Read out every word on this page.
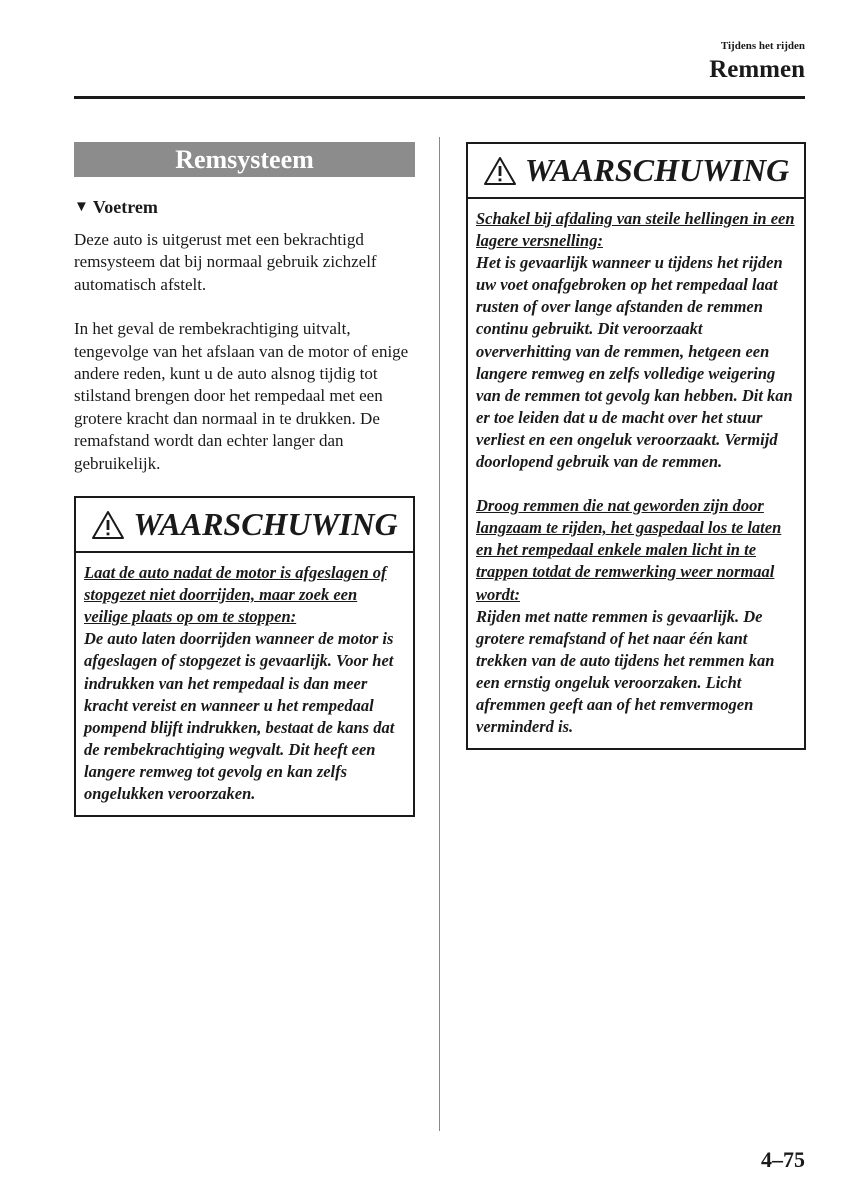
Tijdens het rijden
Remmen
Remsysteem
▼ Voetrem

Deze auto is uitgerust met een bekrachtigd remsysteem dat bij normaal gebruik zichzelf automatisch afstelt.

In het geval de rembekrachtiging uitvalt, tengevolge van het afslaan van de motor of enige andere reden, kunt u de auto alsnog tijdig tot stilstand brengen door het rempedaal met een grotere kracht dan normaal in te drukken. De remafstand wordt dan echter langer dan gebruikelijk.

WAARSCHUWING
Laat de auto nadat de motor is afgeslagen of stopgezet niet doorrijden, maar zoek een veilige plaats op om te stoppen:
De auto laten doorrijden wanneer de motor is afgeslagen of stopgezet is gevaarlijk. Voor het indrukken van het rempedaal is dan meer kracht vereist en wanneer u het rempedaal pompend blijft indrukken, bestaat de kans dat de rembekrachtiging wegvalt. Dit heeft een langere remweg tot gevolg en kan zelfs ongelukken veroorzaken.
WAARSCHUWING
Schakel bij afdaling van steile hellingen in een lagere versnelling:
Het is gevaarlijk wanneer u tijdens het rijden uw voet onafgebroken op het rempedaal laat rusten of over lange afstanden de remmen continu gebruikt. Dit veroorzaakt oververhitting van de remmen, hetgeen een langere remweg en zelfs volledige weigering van de remmen tot gevolg kan hebben. Dit kan er toe leiden dat u de macht over het stuur verliest en een ongeluk veroorzaakt. Vermijd doorlopend gebruik van de remmen.
Droog remmen die nat geworden zijn door langzaam te rijden, het gaspedaal los te laten en het rempedaal enkele malen licht in te trappen totdat de remwerking weer normaal wordt:
Rijden met natte remmen is gevaarlijk. De grotere remafstand of het naar één kant trekken van de auto tijdens het remmen kan een ernstig ongeluk veroorzaken. Licht afremmen geeft aan of het remvermogen verminderd is.
4–75
